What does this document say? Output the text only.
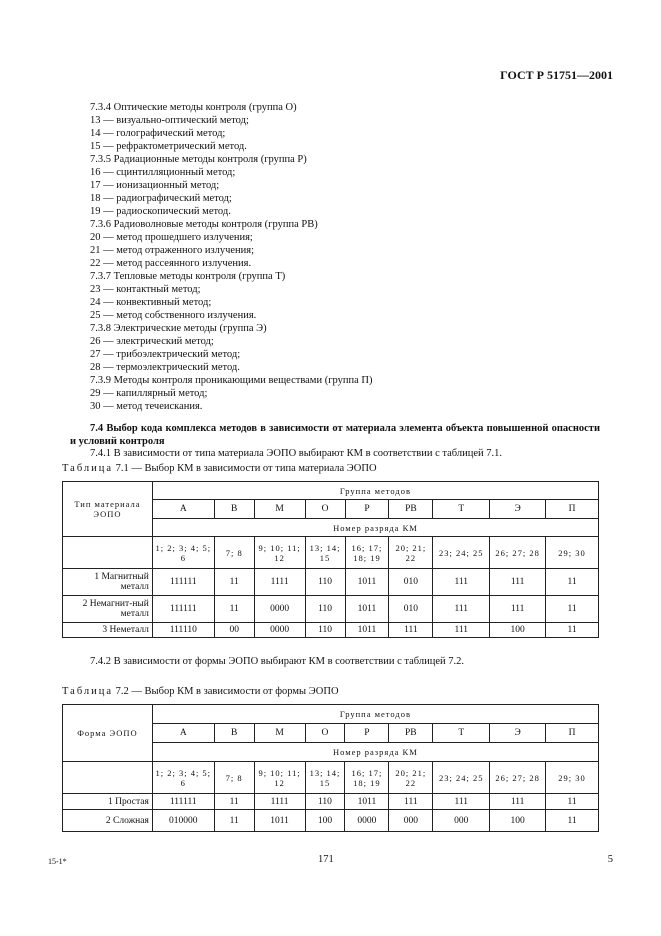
ГОСТ Р 51751—2001
7.3.4 Оптические методы контроля (группа О)
13 — визуально-оптический метод;
14 — голографический метод;
15 — рефрактометрический метод.
7.3.5 Радиационные методы контроля (группа Р)
16 — сцинтилляционный метод;
17 — ионизационный метод;
18 — радиографический метод;
19 — радиоскопический метод.
7.3.6 Радиоволновые методы контроля (группа РВ)
20 — метод прошедшего излучения;
21 — метод отраженного излучения;
22 — метод рассеянного излучения.
7.3.7 Тепловые методы контроля (группа Т)
23 — контактный метод;
24 — конвективный метод;
25 — метод собственного излучения.
7.3.8 Электрические методы (группа Э)
26 — электрический метод;
27 — трибоэлектрический метод;
28 — термоэлектрический метод.
7.3.9 Методы контроля проникающими веществами (группа П)
29 — капиллярный метод;
30 — метод течеискания.
7.4 Выбор кода комплекса методов в зависимости от материала элемента объекта повышенной опасности и условий контроля
7.4.1 В зависимости от типа материала ЭОПО выбирают КМ в соответствии с таблицей 7.1.
Таблица 7.1 — Выбор КМ в зависимости от типа материала ЭОПО
Тип материала ЭОПО	Группа методов								
	А	В	М	О	Р	РВ	Т	Э	П
	Номер разряда КМ								
	1; 2; 3; 4; 5; 6	7; 8	9; 10; 11; 12	13; 14; 15	16; 17; 18; 19	20; 21; 22	23; 24; 25	26; 27; 28	29; 30
1 Магнитный металл	111111	11	1111	110	1011	010	111	111	11
2 Немагнит-ный металл	111111	11	0000	110	1011	010	111	111	11
3 Неметалл	111110	00	0000	110	1011	111	111	100	11
7.4.2 В зависимости от формы ЭОПО выбирают КМ в соответствии с таблицей 7.2.
Таблица 7.2 — Выбор КМ в зависимости от формы ЭОПО
Форма ЭОПО	Группа методов								
	А	В	М	О	Р	РВ	Т	Э	П
	Номер разряда КМ								
	1; 2; 3; 4; 5; 6	7; 8	9; 10; 11; 12	13; 14; 15	16; 17; 18; 19	20; 21; 22	23; 24; 25	26; 27; 28	29; 30
1 Простая	111111	11	1111	110	1011	111	111	111	11
2 Сложная	010000	11	1011	100	0000	000	000	100	11
15-1*	171	5
